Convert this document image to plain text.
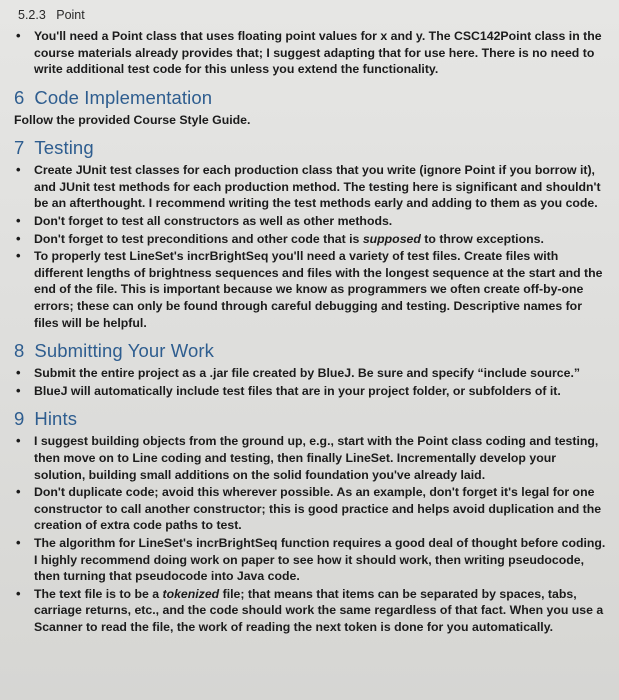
5.2.3 Point
• You'll need a Point class that uses floating point values for x and y. The CSC142Point class in the course materials already provides that; I suggest adapting that for use here. There is no need to write additional test code for this unless you extend the functionality.
6 Code Implementation

Follow the provided Course Style Guide.

7 Testing
• Create JUnit test classes for each production class that you write (ignore Point if you borrow it), and JUnit test methods for each production method. The testing here is significant and shouldn't be an afterthought. I recommend writing the test methods early and adding to them as you code.
• Don't forget to test all constructors as well as other methods.
• Don't forget to test preconditions and other code that is supposed to throw exceptions.
• To properly test LineSet's incrBrightSeq you'll need a variety of test files. Create files with different lengths of brightness sequences and files with the longest sequence at the start and the end of the file. This is important because we know as programmers we often create off-by-one errors; these can only be found through careful debugging and testing. Descriptive names for files will be helpful.
8 Submitting Your Work
• Submit the entire project as a .jar file created by BlueJ. Be sure and specify “include source.”
• BlueJ will automatically include test files that are in your project folder, or subfolders of it.
9 Hints
• I suggest building objects from the ground up, e.g., start with the Point class coding and testing, then move on to Line coding and testing, then finally LineSet. Incrementally develop your solution, building small additions on the solid foundation you've already laid.
• Don't duplicate code; avoid this wherever possible. As an example, don't forget it's legal for one constructor to call another constructor; this is good practice and helps avoid duplication and the creation of extra code paths to test.
• The algorithm for LineSet's incrBrightSeq function requires a good deal of thought before coding. I highly recommend doing work on paper to see how it should work, then writing pseudocode, then turning that pseudocode into Java code.
• The text file is to be a tokenized file; that means that items can be separated by spaces, tabs, carriage returns, etc., and the code should work the same regardless of that fact. When you use a Scanner to read the file, the work of reading the next token is done for you automatically.
